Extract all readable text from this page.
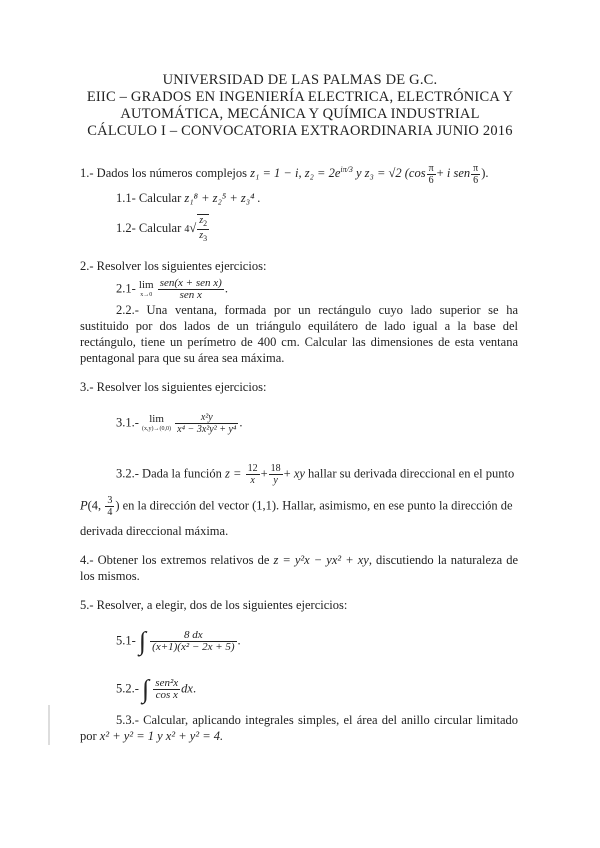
UNIVERSIDAD DE LAS PALMAS DE G.C.
EIIC – GRADOS EN INGENIERÍA ELECTRICA, ELECTRÓNICA Y
AUTOMÁTICA, MECÁNICA Y QUÍMICA INDUSTRIAL
CÁLCULO I – CONVOCATORIA EXTRAORDINARIA JUNIO 2016
1.- Dados los números complejos z₁ = 1 − i, $z_2 = 2e^{i\pi/3}$ y z₃ = √2 ($\cos \frac{\pi}{6} + i$ sen $\frac{\pi}{6}$ ).
1.1- Calcular z₁⁸ + z₂⁵ + z₃⁴ .
1.2- Calcular $4√ \frac{z_2}{z_3}$
2.- Resolver los siguientes ejercicios:
2.1- lim
x→0
$\frac{\text{sen(x + sen x)}}{\text{sen x}}$ .
2.2.- Una ventana, formada por un rectángulo cuyo lado superior se ha sustituido por dos lados de un triángulo equilátero de lado igual a la base del rectángulo, tiene un perímetro de 400 cm. Calcular las dimensiones de esta ventana pentagonal para que su área sea máxima.
3.- Resolver los siguientes ejercicios:
3.1.- lim
(x,y)→(0,0)
$\frac{\text{x²y}}{\text{x⁴ − 3x²y² + y⁴}}$ .
3.2.- Dada la función $z = \frac{12}{x} + \frac{18}{y}$ + xy hallar su derivada direccional en el punto
P(4, $\frac{3}{4}$ ) en la dirección del vector (1,1). Hallar, asimismo, en ese punto la dirección de
derivada direccional máxima.
4.- Obtener los extremos relativos de z = y²x − yx² + xy, discutiendo la naturaleza de los mismos.
5.- Resolver, a elegir, dos de los siguientes ejercicios:
5.1- ∫ $\frac{8 dx}{\text{(x+1)(x² − 2x + 5)}}$ .
5.2.- ∫ $\frac{\text{sen²x}}{\text{cos x}}$ dx.
5.3.- Calcular, aplicando integrales simples, el área del anillo circular limitado por x² + y² = 1 y x² + y² = 4.
